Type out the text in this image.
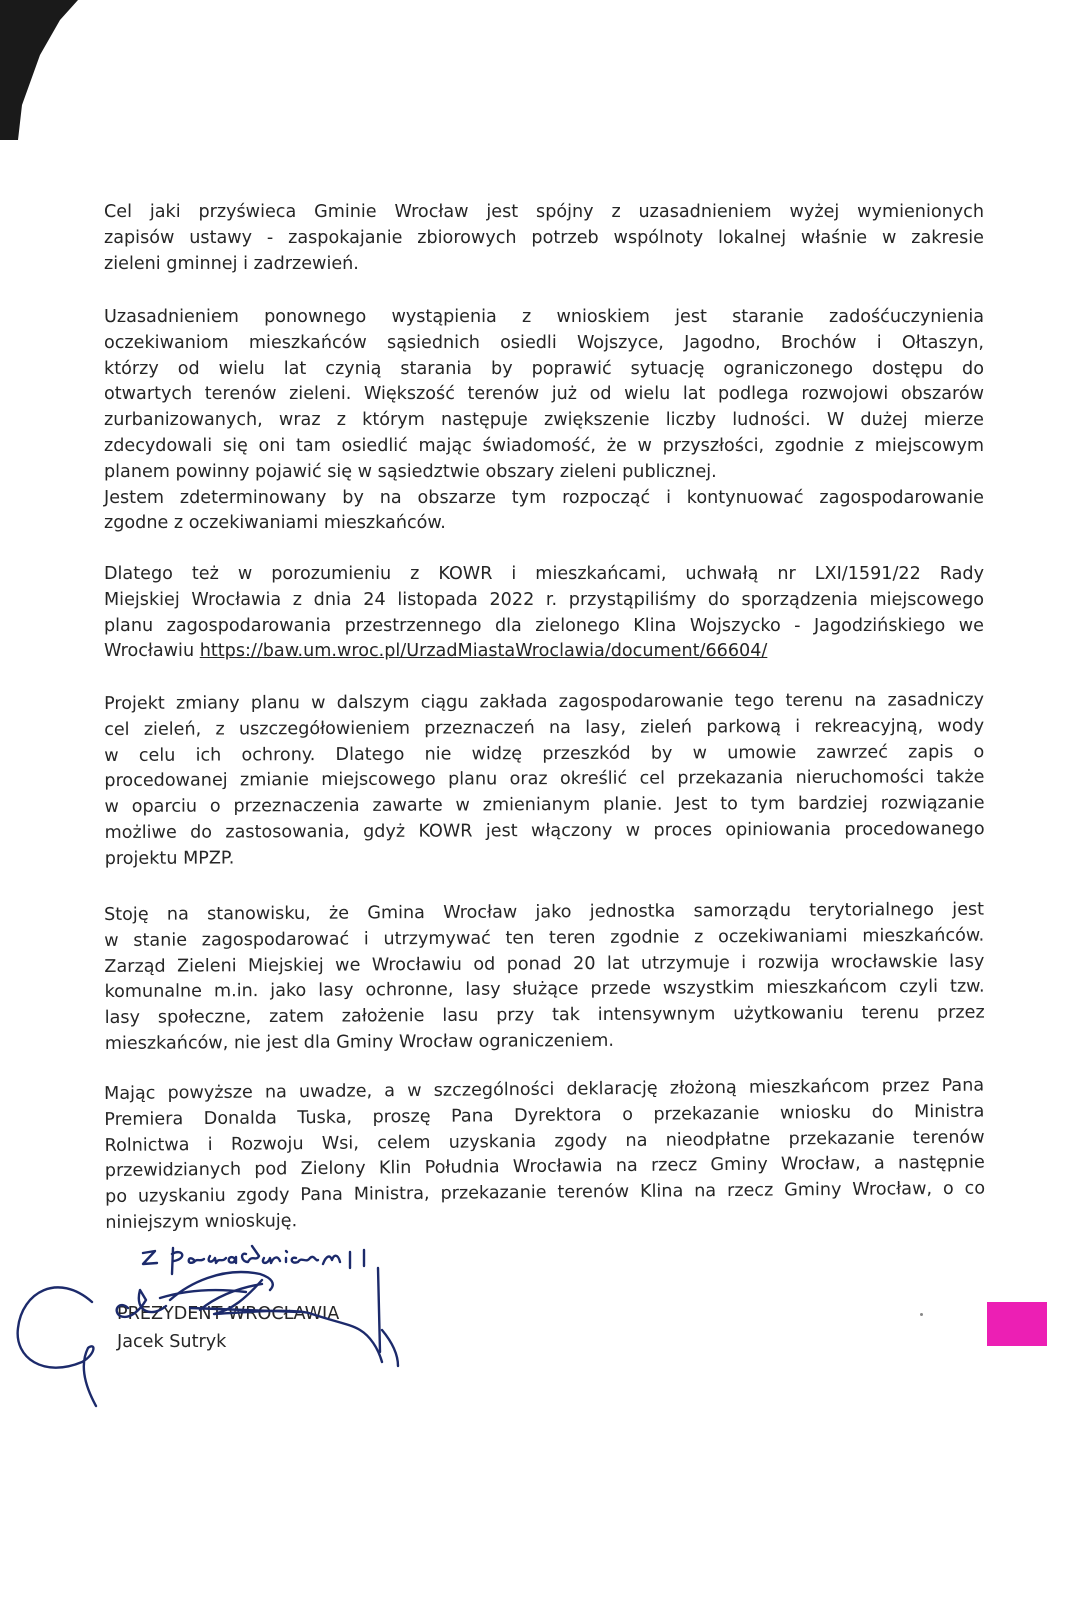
Cel jaki przyświeca Gminie Wrocław jest spójny z uzasadnieniem wyżej wymienionych
zapisów ustawy - zaspokajanie zbiorowych potrzeb wspólnoty lokalnej właśnie w zakresie
zieleni gminnej i zadrzewień.
Uzasadnieniem ponownego wystąpienia z wnioskiem jest staranie zadośćuczynienia
oczekiwaniom mieszkańców sąsiednich osiedli Wojszyce, Jagodno, Brochów i Ołtaszyn,
którzy od wielu lat czynią starania by poprawić sytuację ograniczonego dostępu do
otwartych terenów zieleni. Większość terenów już od wielu lat podlega rozwojowi obszarów
zurbanizowanych, wraz z którym następuje zwiększenie liczby ludności. W dużej mierze
zdecydowali się oni tam osiedlić mając świadomość, że w przyszłości, zgodnie z miejscowym
planem powinny pojawić się w sąsiedztwie obszary zieleni publicznej.
Jestem zdeterminowany by na obszarze tym rozpocząć i kontynuować zagospodarowanie
zgodne z oczekiwaniami mieszkańców.
Dlatego też w porozumieniu z KOWR i mieszkańcami, uchwałą nr LXI/1591/22 Rady
Miejskiej Wrocławia z dnia 24 listopada 2022 r. przystąpiliśmy do sporządzenia miejscowego
planu zagospodarowania przestrzennego dla zielonego Klina Wojszycko - Jagodzińskiego we
Wrocławiu https://baw.um.wroc.pl/UrzadMiastaWroclawia/document/66604/
Projekt zmiany planu w dalszym ciągu zakłada zagospodarowanie tego terenu na zasadniczy
cel zieleń, z uszczegółowieniem przeznaczeń na lasy, zieleń parkową i rekreacyjną, wody
w celu ich ochrony. Dlatego nie widzę przeszkód by w umowie zawrzeć zapis o
procedowanej zmianie miejscowego planu oraz określić cel przekazania nieruchomości także
w oparciu o przeznaczenia zawarte w zmienianym planie. Jest to tym bardziej rozwiązanie
możliwe do zastosowania, gdyż KOWR jest włączony w proces opiniowania procedowanego
projektu MPZP.
Stoję na stanowisku, że Gmina Wrocław jako jednostka samorządu terytorialnego jest
w stanie zagospodarować i utrzymywać ten teren zgodnie z oczekiwaniami mieszkańców.
Zarząd Zieleni Miejskiej we Wrocławiu od ponad 20 lat utrzymuje i rozwija wrocławskie lasy
komunalne m.in. jako lasy ochronne, lasy służące przede wszystkim mieszkańcom czyli tzw.
lasy społeczne, zatem założenie lasu przy tak intensywnym użytkowaniu terenu przez
mieszkańców, nie jest dla Gminy Wrocław ograniczeniem.
Mając powyższe na uwadze, a w szczególności deklarację złożoną mieszkańcom przez Pana
Premiera Donalda Tuska, proszę Pana Dyrektora o przekazanie wniosku do Ministra
Rolnictwa i Rozwoju Wsi, celem uzyskania zgody na nieodpłatne przekazanie terenów
przewidzianych pod Zielony Klin Południa Wrocławia na rzecz Gminy Wrocław, a następnie
po uzyskaniu zgody Pana Ministra, przekazanie terenów Klina na rzecz Gminy Wrocław, o co
niniejszym wnioskuję.
PREZYDENT WROCŁAWIA
Jacek Sutryk
